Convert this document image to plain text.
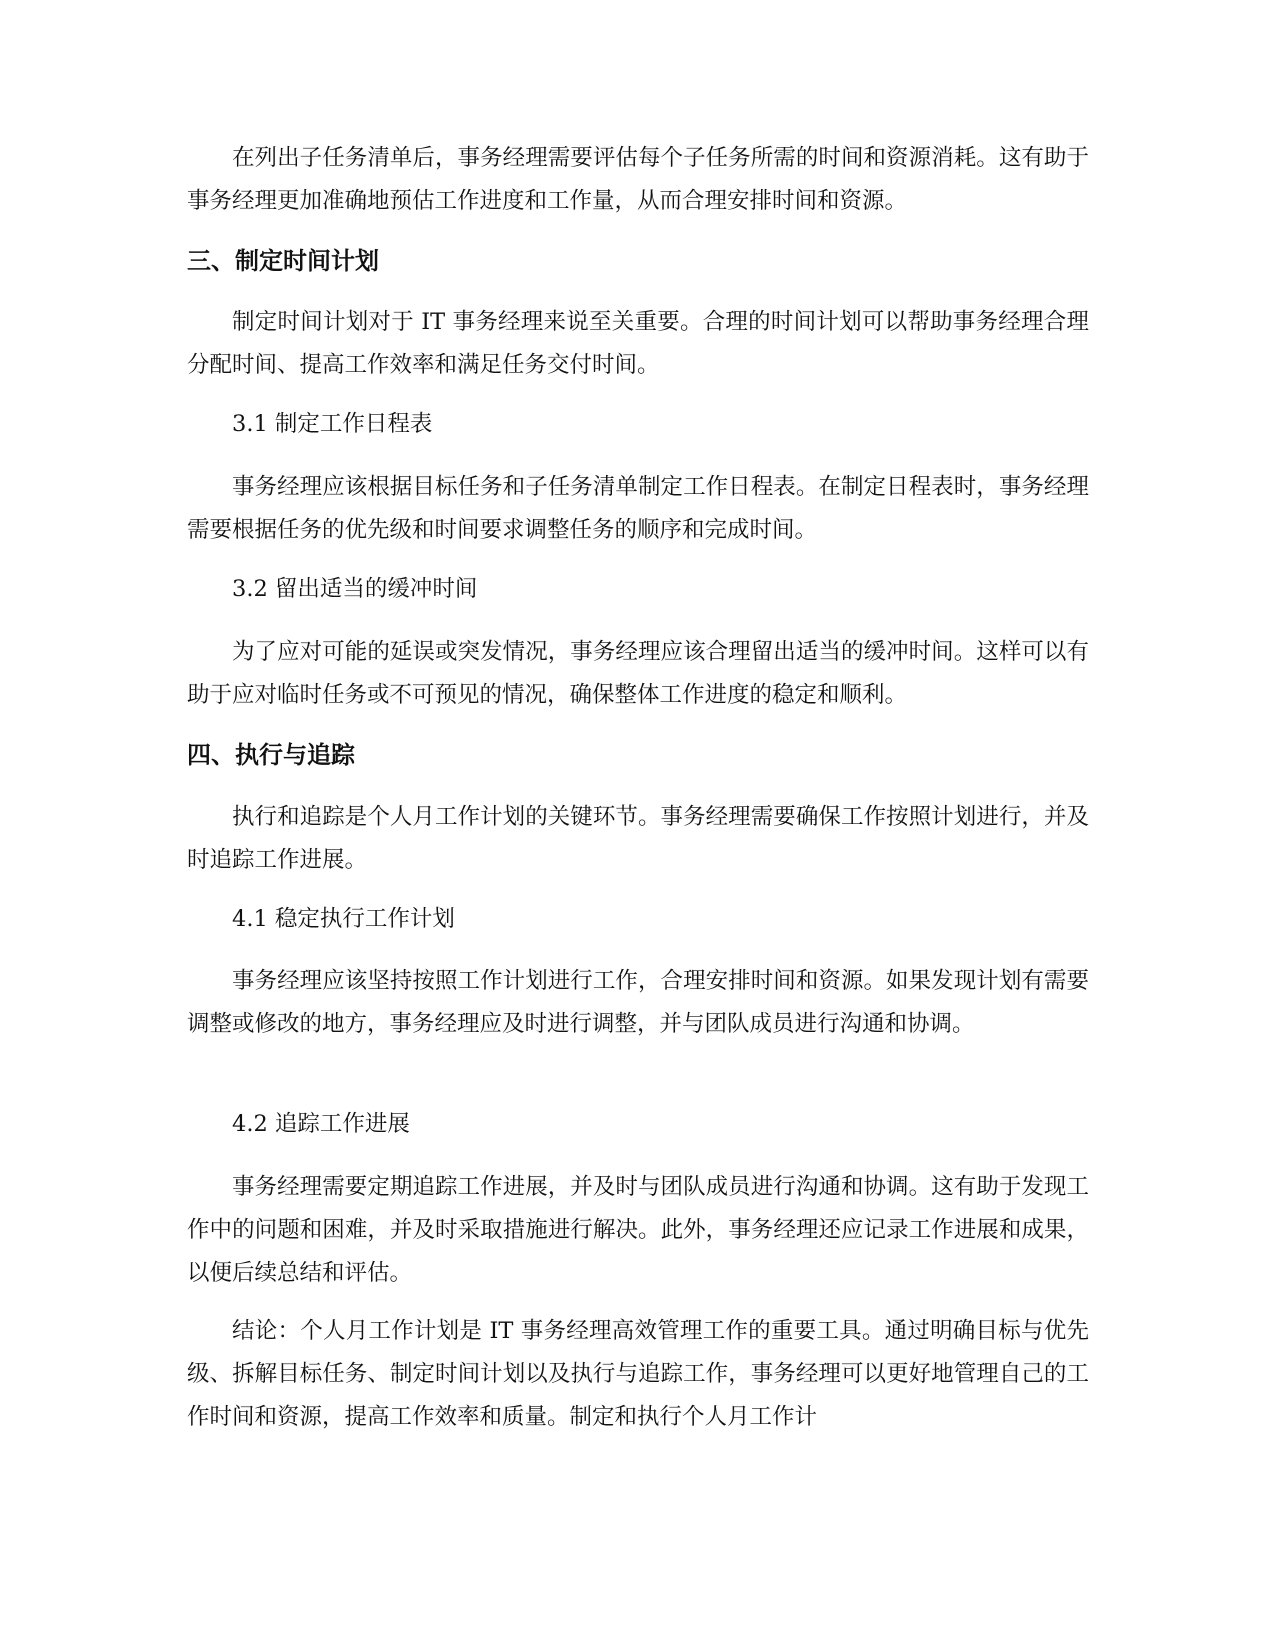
在列出子任务清单后，事务经理需要评估每个子任务所需的时间和资源消耗。这有助于事务经理更加准确地预估工作进度和工作量，从而合理安排时间和资源。

三、制定时间计划

制定时间计划对于 IT 事务经理来说至关重要。合理的时间计划可以帮助事务经理合理分配时间、提高工作效率和满足任务交付时间。

3.1 制定工作日程表

事务经理应该根据目标任务和子任务清单制定工作日程表。在制定日程表时，事务经理需要根据任务的优先级和时间要求调整任务的顺序和完成时间。

3.2 留出适当的缓冲时间

为了应对可能的延误或突发情况，事务经理应该合理留出适当的缓冲时间。这样可以有助于应对临时任务或不可预见的情况，确保整体工作进度的稳定和顺利。

四、执行与追踪

执行和追踪是个人月工作计划的关键环节。事务经理需要确保工作按照计划进行，并及时追踪工作进展。

4.1 稳定执行工作计划

事务经理应该坚持按照工作计划进行工作，合理安排时间和资源。如果发现计划有需要调整或修改的地方，事务经理应及时进行调整，并与团队成员进行沟通和协调。

4.2 追踪工作进展

事务经理需要定期追踪工作进展，并及时与团队成员进行沟通和协调。这有助于发现工作中的问题和困难，并及时采取措施进行解决。此外，事务经理还应记录工作进展和成果，以便后续总结和评估。

结论：个人月工作计划是 IT 事务经理高效管理工作的重要工具。通过明确目标与优先级、拆解目标任务、制定时间计划以及执行与追踪工作，事务经理可以更好地管理自己的工作时间和资源，提高工作效率和质量。制定和执行个人月工作计
